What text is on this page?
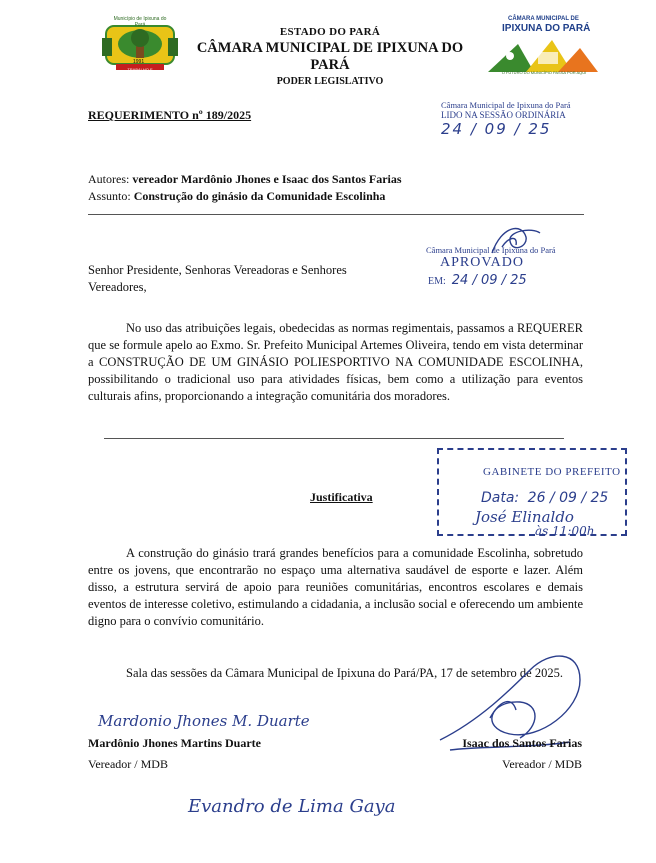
Município de Ipixuna do Pará
1991
TRABALHO E DESENVOLVIMENTO
ESTADO DO PARÁ
CÂMARA MUNICIPAL DE IPIXUNA DO PARÁ
PODER LEGISLATIVO
CÂMARA MUNICIPAL DE
IPIXUNA DO PARÁ
O FUTURO DO MUNICÍPIO PASSA POR AQUI
REQUERIMENTO nº 189/2025
Câmara Municipal de Ipixuna do Pará
LIDO NA SESSÃO ORDINÁRIA
24 / 09 / 25
Autores: vereador Mardônio Jhones e Isaac dos Santos Farias
Assunto: Construção do ginásio da Comunidade Escolinha
Câmara Municipal de Ipixuna do Pará
APROVADO
EM: 24 / 09 / 25
Senhor Presidente, Senhoras Vereadoras e Senhores Vereadores,
No uso das atribuições legais, obedecidas as normas regimentais, passamos a REQUERER que se formule apelo ao Exmo. Sr. Prefeito Municipal Artemes Oliveira, tendo em vista determinar a CONSTRUÇÃO DE UM GINÁSIO POLIESPORTIVO NA COMUNIDADE ESCOLINHA, possibilitando o tradicional uso para atividades físicas, bem como a utilização para eventos culturais afins, proporcionando a integração comunitária dos moradores.
GABINETE DO PREFEITO
Data: 26 / 09 / 25
José Elinaldo
às 11:00h
Justificativa
A construção do ginásio trará grandes benefícios para a comunidade Escolinha, sobretudo entre os jovens, que encontrarão no espaço uma alternativa saudável de esporte e lazer. Além disso, a estrutura servirá de apoio para reuniões comunitárias, encontros escolares e demais eventos de interesse coletivo, estimulando a cidadania, a inclusão social e oferecendo um ambiente digno para o convívio comunitário.
Sala das sessões da Câmara Municipal de Ipixuna do Pará/PA, 17 de setembro de 2025.
Mardonio Jhones M. Duarte
Mardônio Jhones Martins Duarte
Vereador / MDB
Isaac dos Santos Farias
Vereador / MDB
Evandro de Lima Gaya
